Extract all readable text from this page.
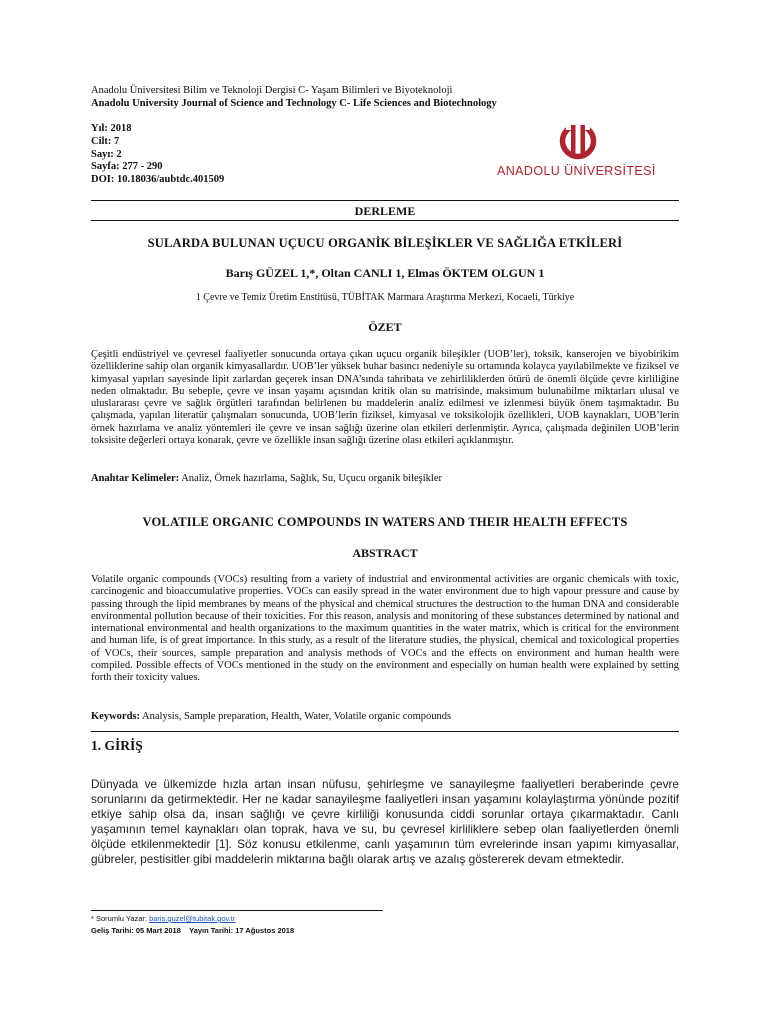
Anadolu Üniversitesi Bilim ve Teknoloji Dergisi C- Yaşam Bilimleri ve Biyoteknoloji
Anadolu University Journal of Science and Technology C- Life Sciences and Biotechnology
Yıl: 2018
Cilt: 7
Sayı: 2
Sayfa: 277 - 290
DOI: 10.18036/aubtdc.401509
ANADOLU ÜNİVERSİTESİ
DERLEME
SULARDA BULUNAN UÇUCU ORGANİK BİLEŞİKLER VE SAĞLIĞA ETKİLERİ
Barış GÜZEL 1,*, Oltan CANLI 1, Elmas ÖKTEM OLGUN 1
1 Çevre ve Temiz Üretim Enstitüsü, TÜBİTAK Marmara Araştırma Merkezi, Kocaeli, Türkiye
ÖZET
Çeşitli endüstriyel ve çevresel faaliyetler sonucunda ortaya çıkan uçucu organik bileşikler (UOB’ler), toksik, kanserojen ve biyobirikim özelliklerine sahip olan organik kimyasallardır. UOB’ler yüksek buhar basıncı nedeniyle su ortamında kolayca yayılabilmekte ve fiziksel ve kimyasal yapıları sayesinde lipit zarlardan geçerek insan DNA’sında tahribata ve zehirliliklerden ötürü de önemli ölçüde çevre kirliliğine neden olmaktadır. Bu sebeple, çevre ve insan yaşamı açısından kritik olan su matrisinde, maksimum bulunabilme miktarları ulusal ve uluslararası çevre ve sağlık örgütleri tarafından belirlenen bu maddelerin analiz edilmesi ve izlenmesi büyük önem taşımaktadır. Bu çalışmada, yapılan literatür çalışmaları sonucunda, UOB’lerin fiziksel, kimyasal ve toksikolojik özellikleri, UOB kaynakları, UOB’lerin örnek hazırlama ve analiz yöntemleri ile çevre ve insan sağlığı üzerine olan etkileri derlenmiştir. Ayrıca, çalışmada değinilen UOB’lerin toksisite değerleri ortaya konarak, çevre ve özellikle insan sağlığı üzerine olası etkileri açıklanmıştır.
Anahtar Kelimeler: Analiz, Örnek hazırlama, Sağlık, Su, Uçucu organik bileşikler
VOLATILE ORGANIC COMPOUNDS IN WATERS AND THEIR HEALTH EFFECTS
ABSTRACT
Volatile organic compounds (VOCs) resulting from a variety of industrial and environmental activities are organic chemicals with toxic, carcinogenic and bioaccumulative properties. VOCs can easily spread in the water environment due to high vapour pressure and cause by passing through the lipid membranes by means of the physical and chemical structures the destruction to the human DNA and considerable environmental pollution because of their toxicities. For this reason, analysis and monitoring of these substances determined by national and international environmental and health organizations to the maximum quantities in the water matrix, which is critical for the environment and human life, is of great importance. In this study, as a result of the literature studies, the physical, chemical and toxicological properties of VOCs, their sources, sample preparation and analysis methods of VOCs and the effects on environment and human health were compiled. Possible effects of VOCs mentioned in the study on the environment and especially on human health were explained by setting forth their toxicity values.
Keywords: Analysis, Sample preparation, Health, Water, Volatile organic compounds
1. GİRİŞ
Dünyada ve ülkemizde hızla artan insan nüfusu, şehirleşme ve sanayileşme faaliyetleri beraberinde çevre sorunlarını da getirmektedir. Her ne kadar sanayileşme faaliyetleri insan yaşamını kolaylaştırma yönünde pozitif etkiye sahip olsa da, insan sağlığı ve çevre kirliliği konusunda ciddi sorunlar ortaya çıkarmaktadır. Canlı yaşamının temel kaynakları olan toprak, hava ve su, bu çevresel kirliliklere sebep olan faaliyetlerden önemli ölçüde etkilenmektedir [1]. Söz konusu etkilenme, canlı yaşamının tüm evrelerinde insan yapımı kimyasallar, gübreler, pestisitler gibi maddelerin miktarına bağlı olarak artış ve azalış göstererek devam etmektedir.
* Sorumlu Yazar: baris.guzel@tubitak.gov.tr
Geliş Tarihi: 05 Mart 2018    Yayın Tarihi: 17 Ağustos 2018
